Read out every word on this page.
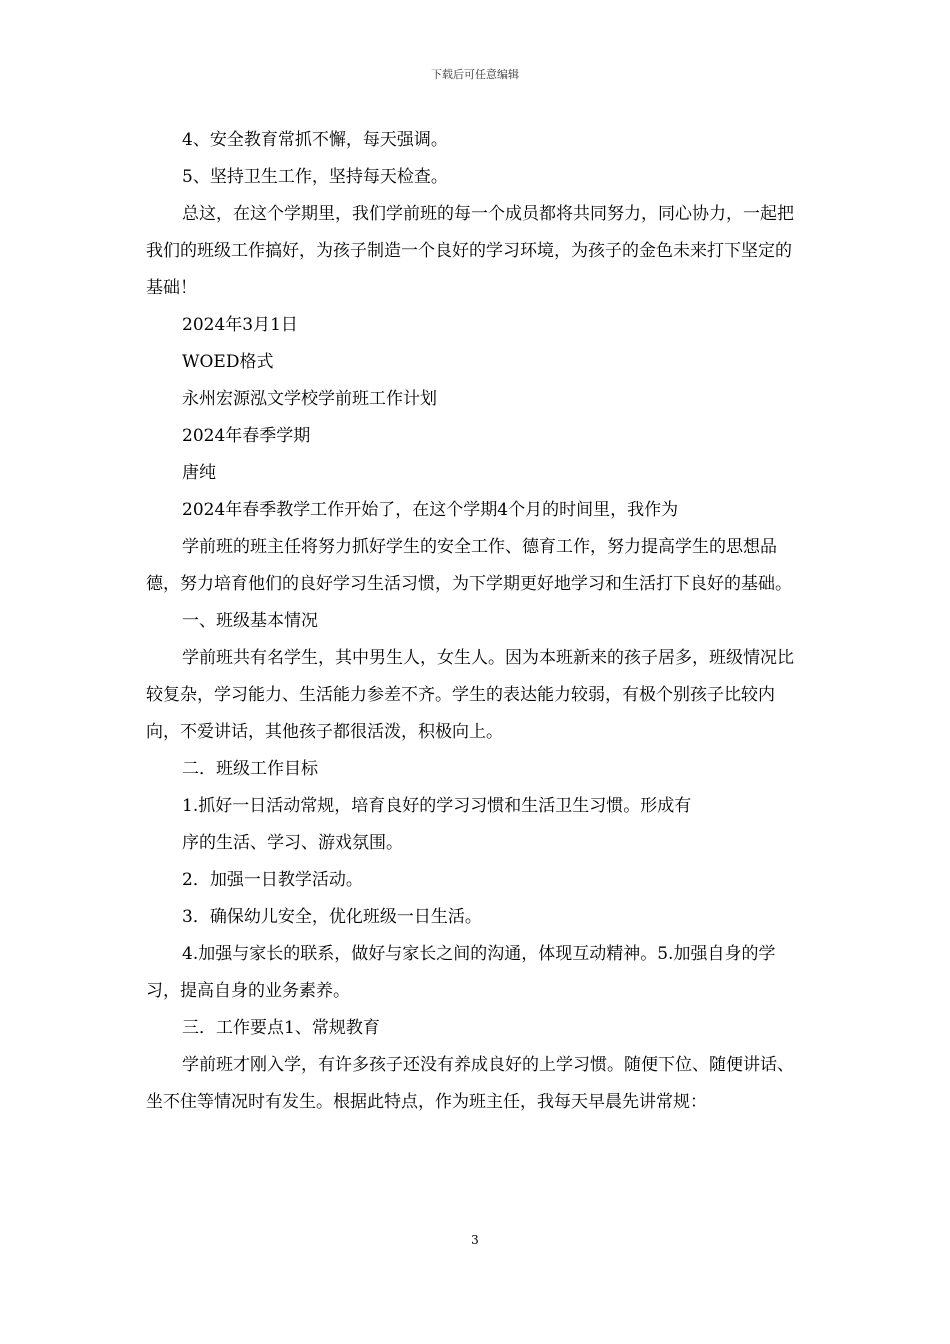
下载后可任意编辑

4、安全教育常抓不懈，每天强调。

5、坚持卫生工作，坚持每天检查。

总这，在这个学期里，我们学前班的每一个成员都将共同努力，同心协力，一起把我们的班级工作搞好，为孩子制造一个良好的学习环境，为孩子的金色未来打下坚定的基础！

2024年3月1日

WOED格式

永州宏源泓文学校学前班工作计划

2024年春季学期

唐纯

2024年春季教学工作开始了，在这个学期4个月的时间里，我作为

学前班的班主任将努力抓好学生的安全工作、德育工作，努力提高学生的思想品德，努力培育他们的良好学习生活习惯，为下学期更好地学习和生活打下良好的基础。

一、班级基本情况

学前班共有名学生，其中男生人，女生人。因为本班新来的孩子居多，班级情况比较复杂，学习能力、生活能力参差不齐。学生的表达能力较弱，有极个别孩子比较内向，不爱讲话，其他孩子都很活泼，积极向上。

二．班级工作目标

1.抓好一日活动常规，培育良好的学习习惯和生活卫生习惯。形成有

序的生活、学习、游戏氛围。

2．加强一日教学活动。

3．确保幼儿安全，优化班级一日生活。

4.加强与家长的联系，做好与家长之间的沟通，体现互动精神。5.加强自身的学习，提高自身的业务素养。

三．工作要点1、常规教育

学前班才刚入学，有许多孩子还没有养成良好的上学习惯。随便下位、随便讲话、坐不住等情况时有发生。根据此特点，作为班主任，我每天早晨先讲常规：

3
